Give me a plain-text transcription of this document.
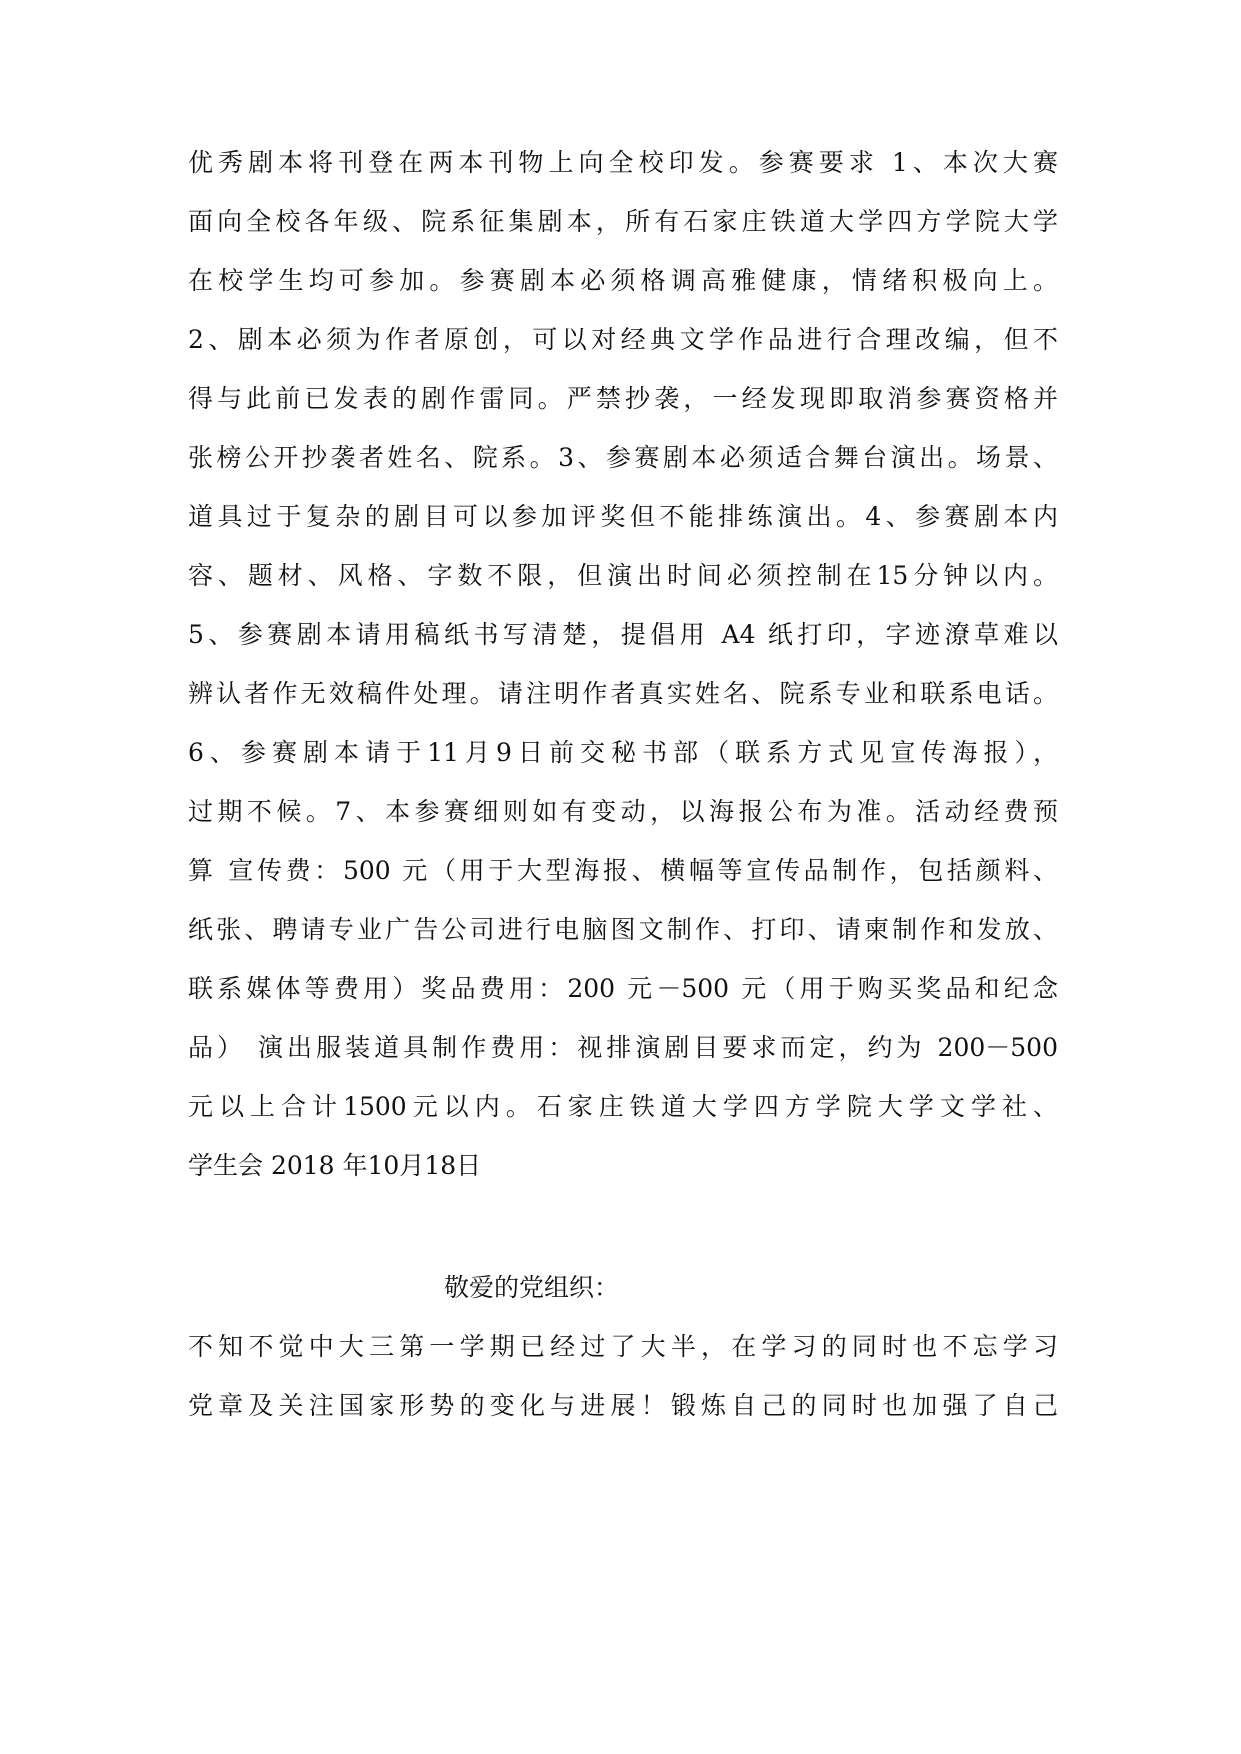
优秀剧本将刊登在两本刊物上向全校印发。参赛要求 1、本次大赛
面向全校各年级、院系征集剧本，所有石家庄铁道大学四方学院大学
在校学生均可参加。参赛剧本必须格调高雅健康，情绪积极向上。
2、剧本必须为作者原创，可以对经典文学作品进行合理改编，但不
得与此前已发表的剧作雷同。严禁抄袭，一经发现即取消参赛资格并
张榜公开抄袭者姓名、院系。3、参赛剧本必须适合舞台演出。场景、
道具过于复杂的剧目可以参加评奖但不能排练演出。4、参赛剧本内
容、题材、风格、字数不限，但演出时间必须控制在15分钟以内。
5、参赛剧本请用稿纸书写清楚，提倡用 A4 纸打印，字迹潦草难以
辨认者作无效稿件处理。请注明作者真实姓名、院系专业和联系电话。
6、参赛剧本请于11月9日前交秘书部（联系方式见宣传海报），
过期不候。7、本参赛细则如有变动，以海报公布为准。活动经费预
算 宣传费：500 元（用于大型海报、横幅等宣传品制作，包括颜料、
纸张、聘请专业广告公司进行电脑图文制作、打印、请柬制作和发放、
联系媒体等费用）奖品费用：200 元－500 元（用于购买奖品和纪念
品） 演出服装道具制作费用：视排演剧目要求而定，约为 200－500
元以上合计1500元以内。石家庄铁道大学四方学院大学文学社、
学生会 2018 年10月18日
敬爱的党组织：
不知不觉中大三第一学期已经过了大半，在学习的同时也不忘学习
党章及关注国家形势的变化与进展！锻炼自己的同时也加强了自己
